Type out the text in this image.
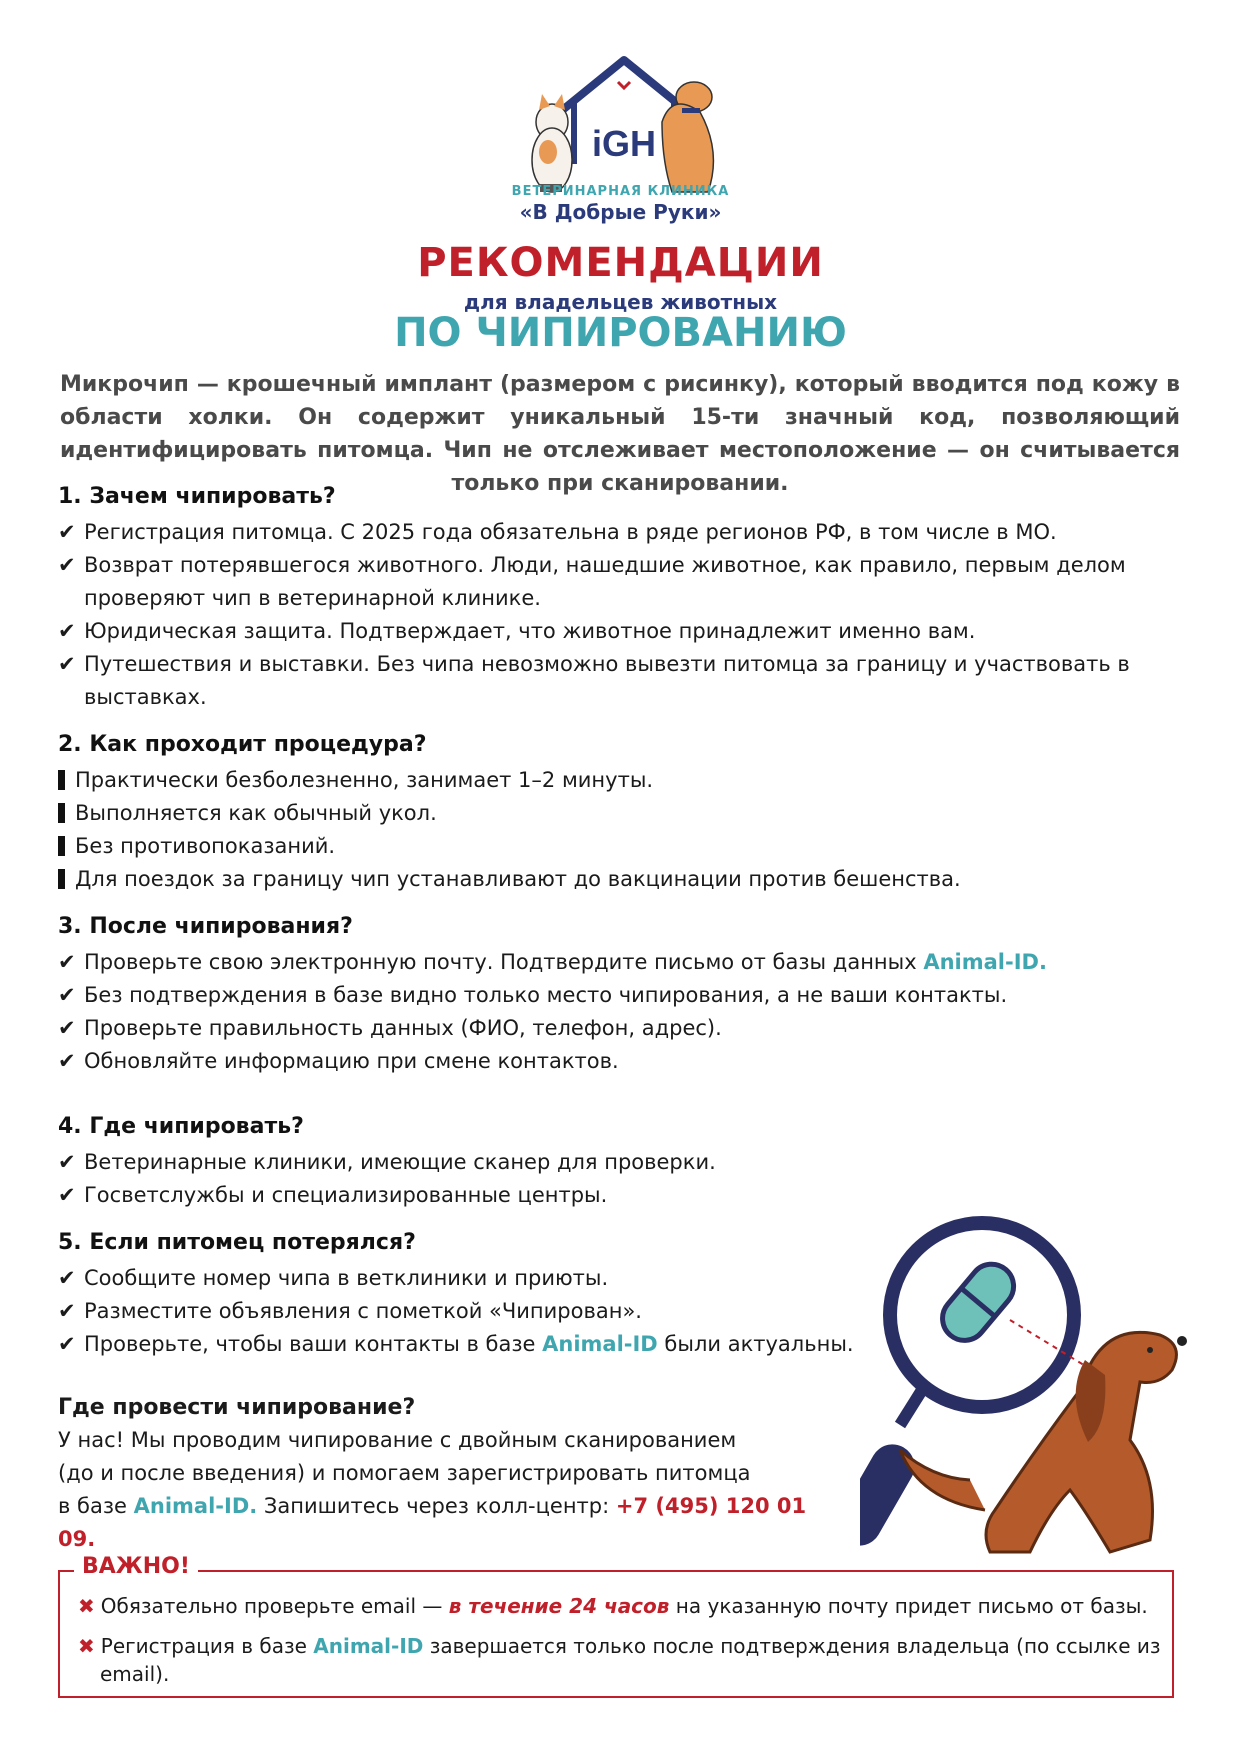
iGH
ВЕТЕРИНАРНАЯ КЛИНИКА
«В Добрые Руки»
РЕКОМЕНДАЦИИ
для владельцев животных
ПО ЧИПИРОВАНИЮ
Микрочип — крошечный имплант (размером с рисинку), который вводится под кожу в области холки. Он содержит уникальный 15-ти значный код, позволяющий идентифицировать питомца. Чип не отслеживает местоположение — он считывается только при сканировании.
1. Зачем чипировать?
✔ Регистрация питомца. С 2025 года обязательна в ряде регионов РФ, в том числе в МО.
✔ Возврат потерявшегося животного. Люди, нашедшие животное, как правило, первым делом проверяют чип в ветеринарной клинике.
✔ Юридическая защита. Подтверждает, что животное принадлежит именно вам.
✔ Путешествия и выставки. Без чипа невозможно вывезти питомца за границу и участвовать в выставках.
2. Как проходит процедура?
Практически безболезненно, занимает 1–2 минуты.
Выполняется как обычный укол.
Без противопоказаний.
Для поездок за границу чип устанавливают до вакцинации против бешенства.
3. После чипирования?
✔ Проверьте свою электронную почту. Подтвердите письмо от базы данных Animal-ID.
✔ Без подтверждения в базе видно только место чипирования, а не ваши контакты.
✔ Проверьте правильность данных (ФИО, телефон, адрес).
✔ Обновляйте информацию при смене контактов.
4. Где чипировать?
✔ Ветеринарные клиники, имеющие сканер для проверки.
✔ Госветслужбы и специализированные центры.
5. Если питомец потерялся?
✔ Сообщите номер чипа в ветклиники и приюты.
✔ Разместите объявления с пометкой «Чипирован».
✔ Проверьте, чтобы ваши контакты в базе Animal-ID были актуальны.
Где провести чипирование?
У нас! Мы проводим чипирование с двойным сканированием
(до и после введения) и помогаем зарегистрировать питомца
в базе Animal-ID. Запишитесь через колл-центр: +7 (495) 120 01 09.
ВАЖНО!
✖ Обязательно проверьте email — в течение 24 часов на указанную почту придет письмо от базы.
✖ Регистрация в базе Animal-ID завершается только после подтверждения владельца (по ссылке из email).
